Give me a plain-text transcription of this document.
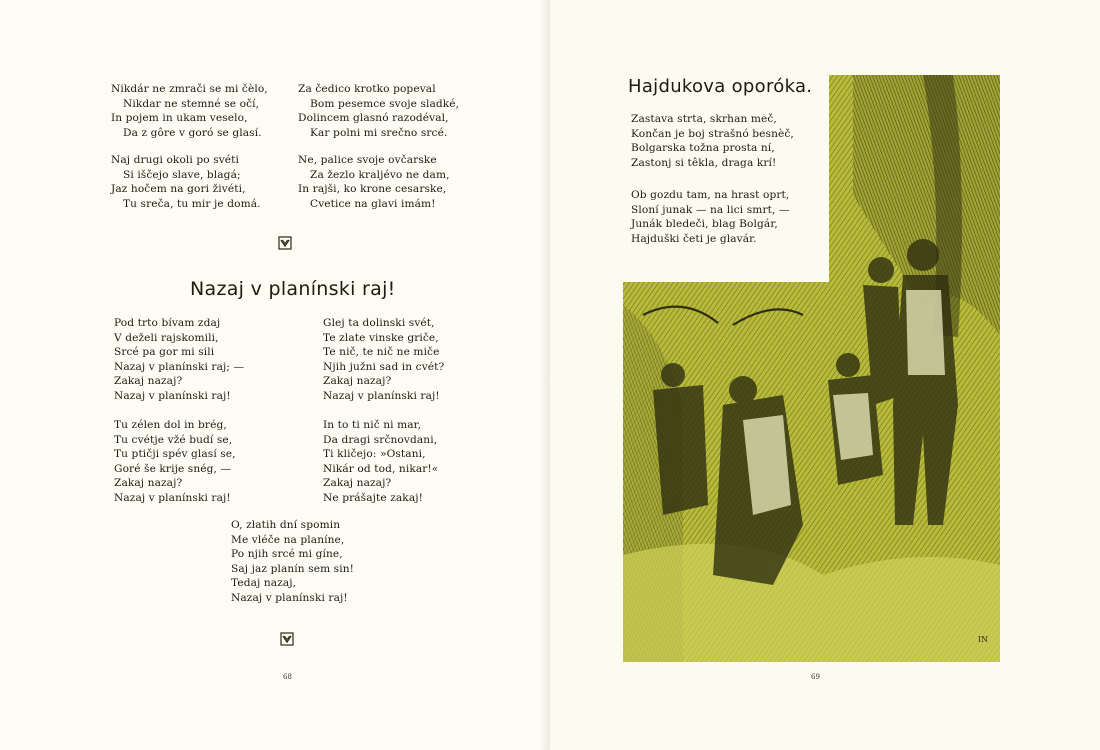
Nikdár ne zmrači se mi čèlo,
Nikdar ne stemné se očí,
In pojem in ukam veselo,
Da z gôre v goró se glasí.
Naj drugi okoli po svéti
Si iščejo slave, blagá;
Jaz hočem na gori živéti,
Tu sreča, tu mir je domá.
Za čedico krotko popeval
Bom pesemce svoje sladké,
Dolincem glasnó razodéval,
Kar polni mi srečno srcé.
Ne, palice svoje ovčarske
Za žezlo kraljévo ne dam,
In rajši, ko krone cesarske,
Cvetice na glavi imám!
Nazaj v planínski raj!
Pod trto bívam zdaj
V deželi rajskomili,
Srcé pa gor mi sili
Nazaj v planínski raj; —
Zakaj nazaj?
Nazaj v planínski raj!
Tu zélen dol in brég,
Tu cvétje vžé budí se,
Tu ptičji spév glasí se,
Goré še krije snég, —
Zakaj nazaj?
Nazaj v planínski raj!
Glej ta dolinski svét,
Te zlate vinske griče,
Te nič, te nič ne miče
Njih južni sad in cvét?
Zakaj nazaj?
Nazaj v planínski raj!
In to ti nič ni mar,
Da dragi srčnovdani,
Ti kličejo: »Ostani,
Nikár od tod, nikar!«
Zakaj nazaj?
Ne prášajte zakaj!
O, zlatih dní spomin
Me vléče na planíne,
Po njih srcé mi gíne,
Saj jaz planín sem sin!
Tedaj nazaj,
Nazaj v planínski raj!
68	69
IN
Hajdukova oporóka.
Zastava strta, skrhan meč,
Končan je boj strašnó besnèč,
Bolgarska tožna prosta ní,
Zastonj si têkla, draga krí!
Ob gozdu tam, na hrast oprt,
Sloní junak — na lici smrt, —
Junák bledeči, blag Bolgár,
Hajduški četi je glavár.
